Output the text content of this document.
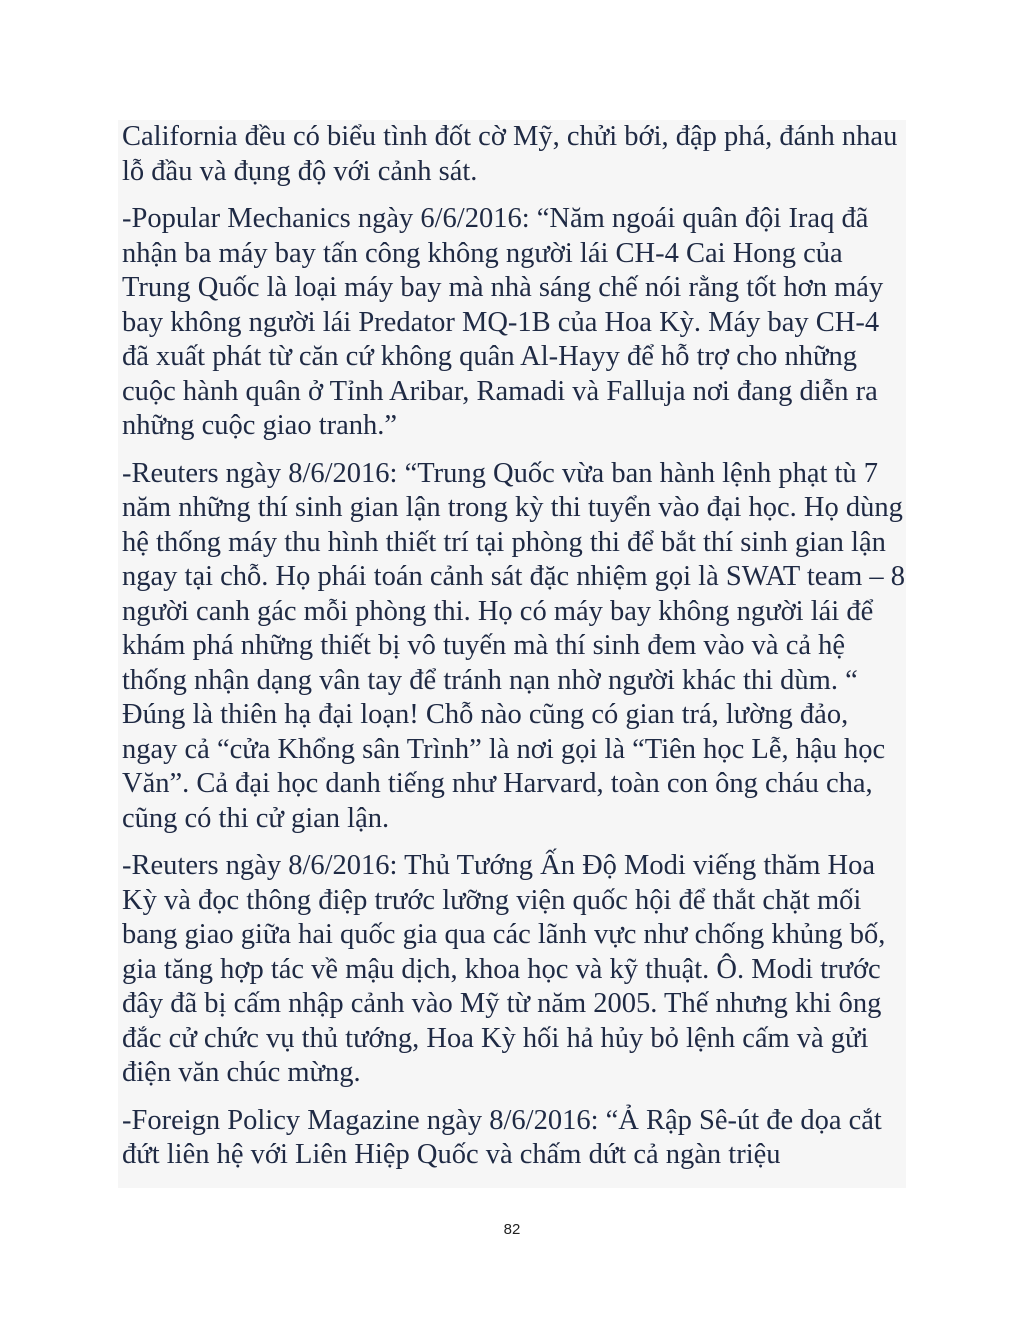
California đều có biểu tình đốt cờ Mỹ, chửi bới, đập phá, đánh nhau lỗ đầu và đụng độ với cảnh sát.

-Popular Mechanics ngày 6/6/2016: “Năm ngoái quân đội Iraq đã nhận ba máy bay tấn công không người lái CH-4 Cai Hong của Trung Quốc là loại máy bay mà nhà sáng chế nói rằng tốt hơn máy bay không người lái Predator MQ-1B của Hoa Kỳ. Máy bay CH-4 đã xuất phát từ căn cứ không quân Al-Hayy để hỗ trợ cho những cuộc hành quân ở Tỉnh Aribar, Ramadi và Falluja nơi đang diễn ra những cuộc giao tranh.”

-Reuters ngày 8/6/2016: “Trung Quốc vừa ban hành lệnh phạt tù 7 năm những thí sinh gian lận trong kỳ thi tuyển vào đại học. Họ dùng hệ thống máy thu hình thiết trí tại phòng thi để bắt thí sinh gian lận ngay tại chỗ. Họ phái toán cảnh sát đặc nhiệm gọi là SWAT team – 8 người canh gác mỗi phòng thi. Họ có máy bay không người lái để khám phá những thiết bị vô tuyến mà thí sinh đem vào và cả hệ thống nhận dạng vân tay để tránh nạn nhờ người khác thi dùm. “ Đúng là thiên hạ đại loạn! Chỗ nào cũng có gian trá, lường đảo, ngay cả “cửa Khổng sân Trình” là nơi gọi là “Tiên học Lễ, hậu học Văn”. Cả đại học danh tiếng như Harvard, toàn con ông cháu cha, cũng có thi cử gian lận.

-Reuters ngày 8/6/2016: Thủ Tướng Ấn Độ Modi viếng thăm Hoa Kỳ và đọc thông điệp trước lưỡng viện quốc hội để thắt chặt mối bang giao giữa hai quốc gia qua các lãnh vực như chống khủng bố, gia tăng hợp tác về mậu dịch, khoa học và kỹ thuật. Ô. Modi trước đây đã bị cấm nhập cảnh vào Mỹ từ năm 2005. Thế nhưng khi ông đắc cử chức vụ thủ tướng, Hoa Kỳ hối hả hủy bỏ lệnh cấm và gửi điện văn chúc mừng.

-Foreign Policy Magazine ngày 8/6/2016: “Ả Rập Sê-út đe dọa cắt đứt liên hệ với Liên Hiệp Quốc và chấm dứt cả ngàn triệu

82
